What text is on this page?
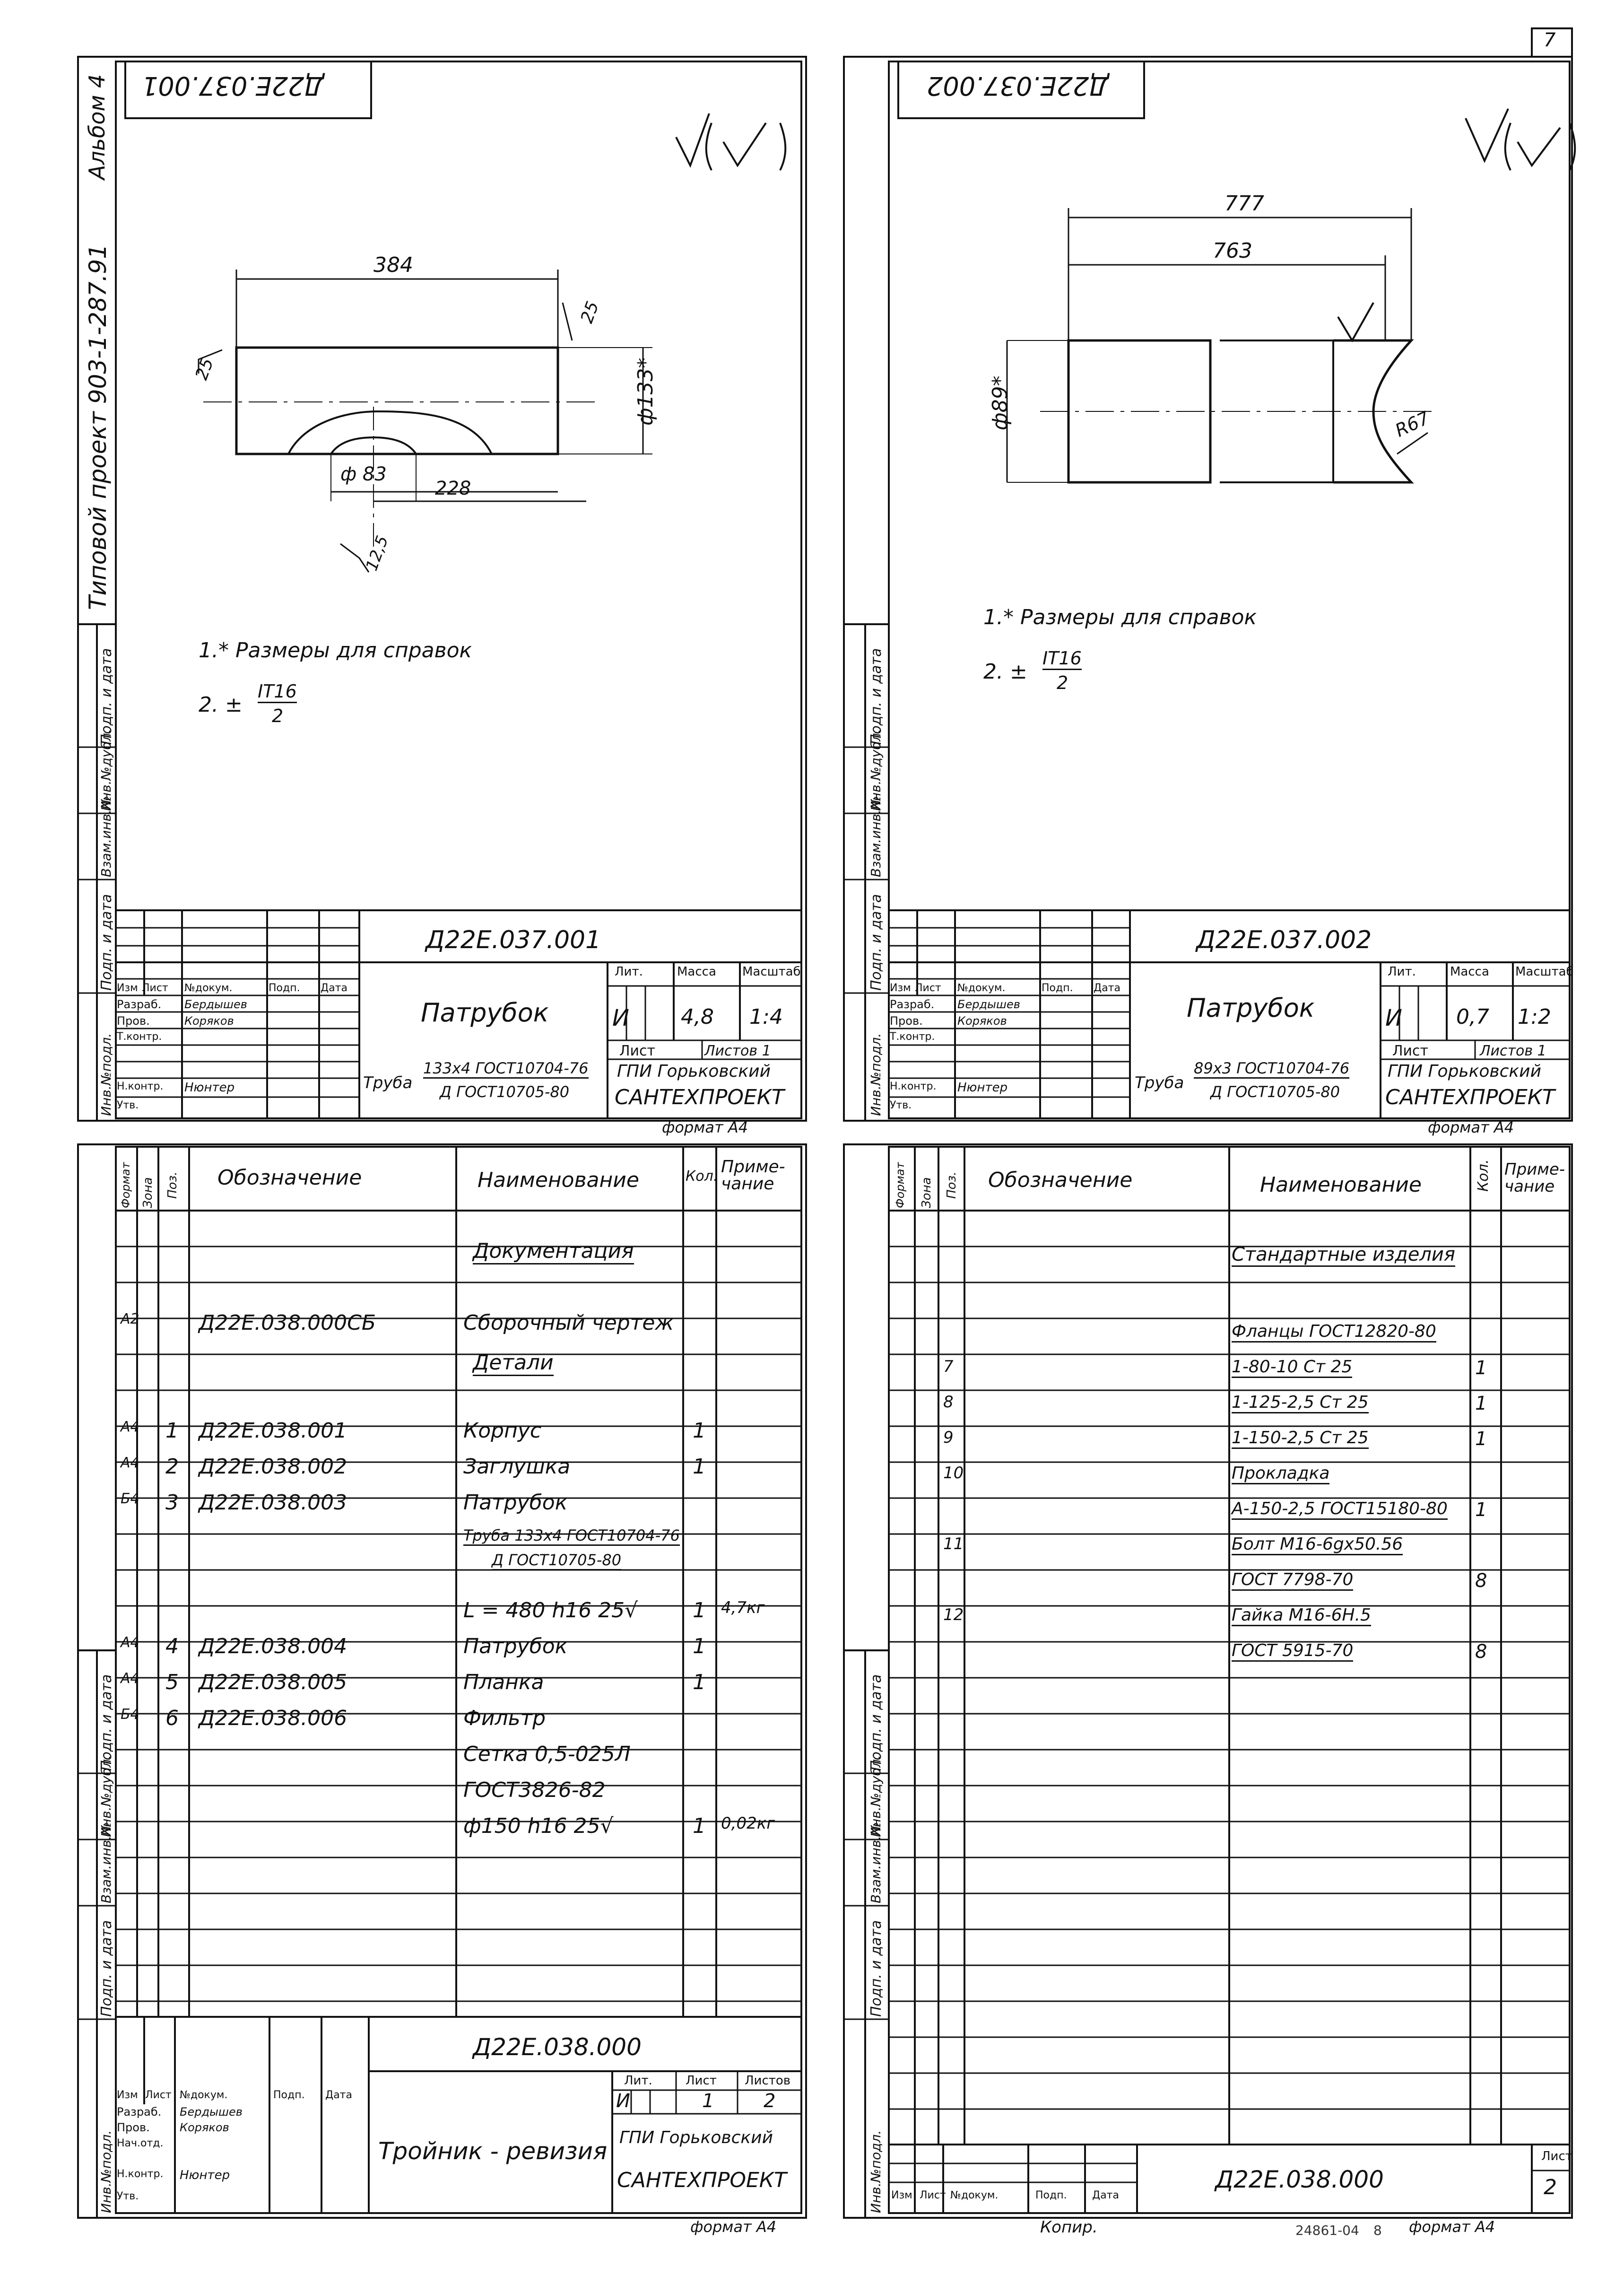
7
Альбом 4
Типовой проект 903-1-287.91
Подп. и дата
Инв.№дубл.
Взам.инв.№
Подп. и дата
Инв.№подл.
Подп. и дата
Инв.№дубл.
Взам.инв.№
Подп. и дата
Инв.№подл.
Подп. и дата
Инв.№дубл.
Взам.инв.№
Подп. и дата
Инв.№подл.
Подп. и дата
Инв.№дубл.
Взам.инв.№
Подп. и дата
Инв.№подл.
Д22Е.037.001
384
ф133*
ф 83
228
25
25
12,5
1.* Размеры для справок
2. ±
IT16
2
Д22Е.037.001
Изм Лист №докум.	Подп. Дата
Разраб. Бердышев
Пров.	Коряков
Т.контр.
Н.контр. Нюнтер
Утв.
Патрубок
Лит.	Масса Масштаб
И 4,8 1:4
Лист	Листов 1
Труба
133х4 ГОСТ10704-76
Д ГОСТ10705-80
ГПИ Горьковский
САНТЕХПРОЕКТ
формат А4
Д22Е.037.002
777
763
ф89*	R67
1.* Размеры для справок
2. ±
IT16
2
Д22Е.037.002
Изм Лист №докум.	Подп. Дата
Разраб. Бердышев
Пров.	Коряков
Т.контр.
Н.контр. Нюнтер
Утв.
Патрубок
Лит.	Масса Масштаб
И	0,7 1:2
Лист	Листов 1
Труба
89х3 ГОСТ10704-76
Д ГОСТ10705-80
ГПИ Горьковский
САНТЕХПРОЕКТ
формат А4
Формат Зона Поз. Обозначение	Наименование	Кол. Приме-чание
Документация
А2	Д22Е.038.000СБ	Сборочный чертеж
Детали
А4 1 Д22Е.038.001	Корпус	1
А4 2 Д22Е.038.002	Заглушка	1
Б4 3 Д22Е.038.003	Патрубок
Труба 133х4 ГОСТ10704-76
Д ГОСТ10705-80
L = 480 h16 25√	1 4,7кг
А4 4 Д22Е.038.004	Патрубок	1
А4 5 Д22Е.038.005	Планка	1
Б4 6 Д22Е.038.006	Фильтр
Сетка 0,5-025Л
ГОСТ3826-82
ф150 h16 25√	1 0,02кг
Д22Е.038.000
Изм Лист №докум.	Подп. Дата
Разраб. Бердышев
Пров.	Коряков
Нач.отд.
Н.контр. Нюнтер
Утв.
Тройник - ревизия
Лит.	Лист Листов
И	1	2
ГПИ Горьковский
САНТЕХПРОЕКТ
формат А4
Формат Зона Поз. Обозначение	Наименование	Кол. Приме-чание
Стандартные изделия
Фланцы ГОСТ12820-80
7	1-80-10 Ст 25	1
8	1-125-2,5 Ст 25	1
9	1-150-2,5 Ст 25	1
10	Прокладка
А-150-2,5 ГОСТ15180-80 1
11	Болт М16-6gх50.56
ГОСТ 7798-70	8
12	Гайка М16-6Н.5
ГОСТ 5915-70	8
Изм Лист №докум.	Подп. Дата
Д22Е.038.000
Лист
2
Копир.	24861-04 8 формат А4
